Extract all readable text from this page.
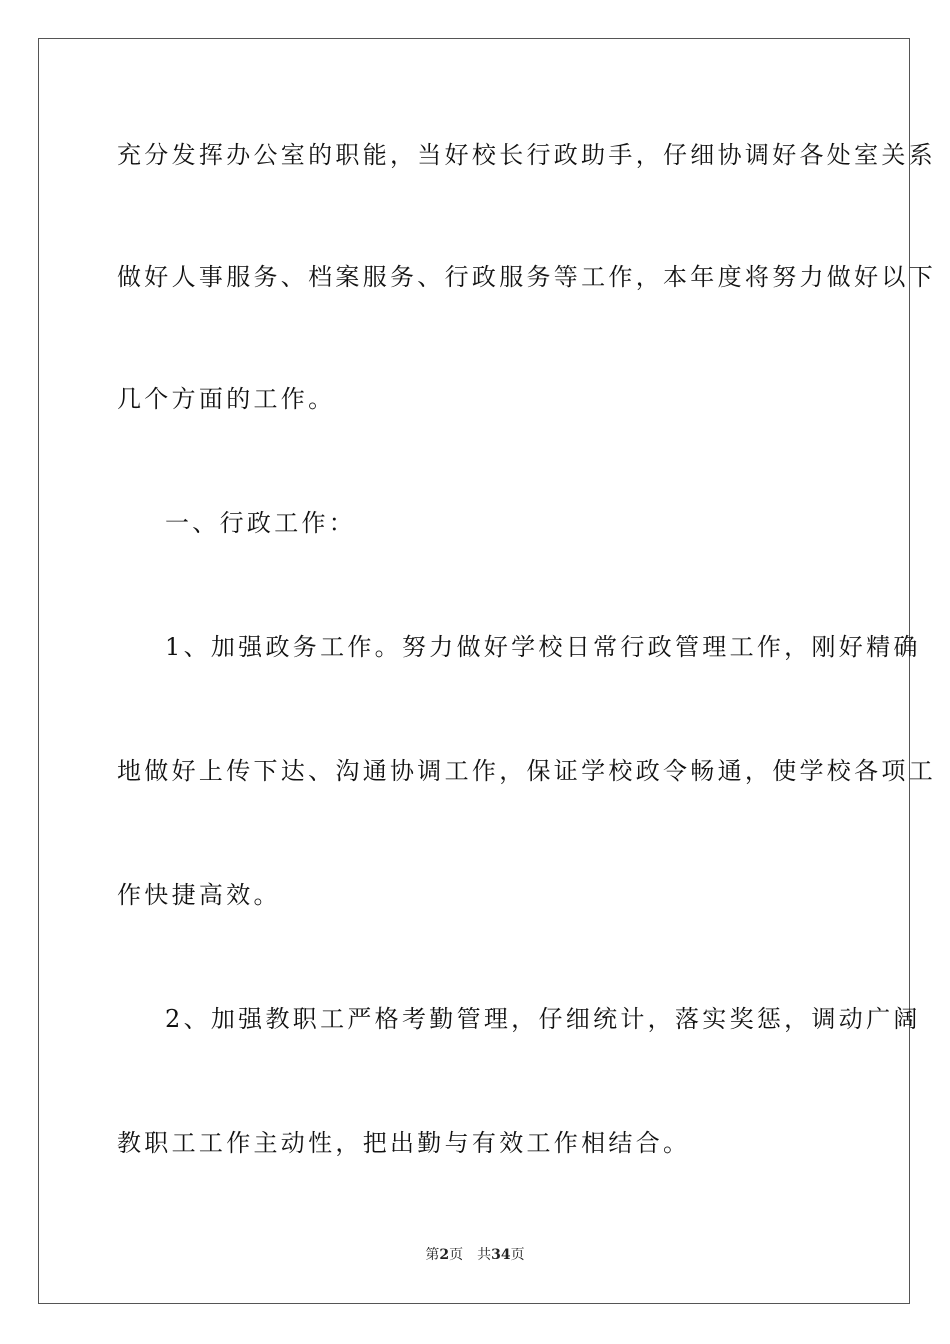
充分发挥办公室的职能，当好校长行政助手，仔细协调好各处室关系
做好人事服务、档案服务、行政服务等工作，本年度将努力做好以下
几个方面的工作。
一、行政工作：
1、加强政务工作。努力做好学校日常行政管理工作，刚好精确
地做好上传下达、沟通协调工作，保证学校政令畅通，使学校各项工
作快捷高效。
2、加强教职工严格考勤管理，仔细统计，落实奖惩，调动广阔
教职工工作主动性，把出勤与有效工作相结合。
第2页 共34页
